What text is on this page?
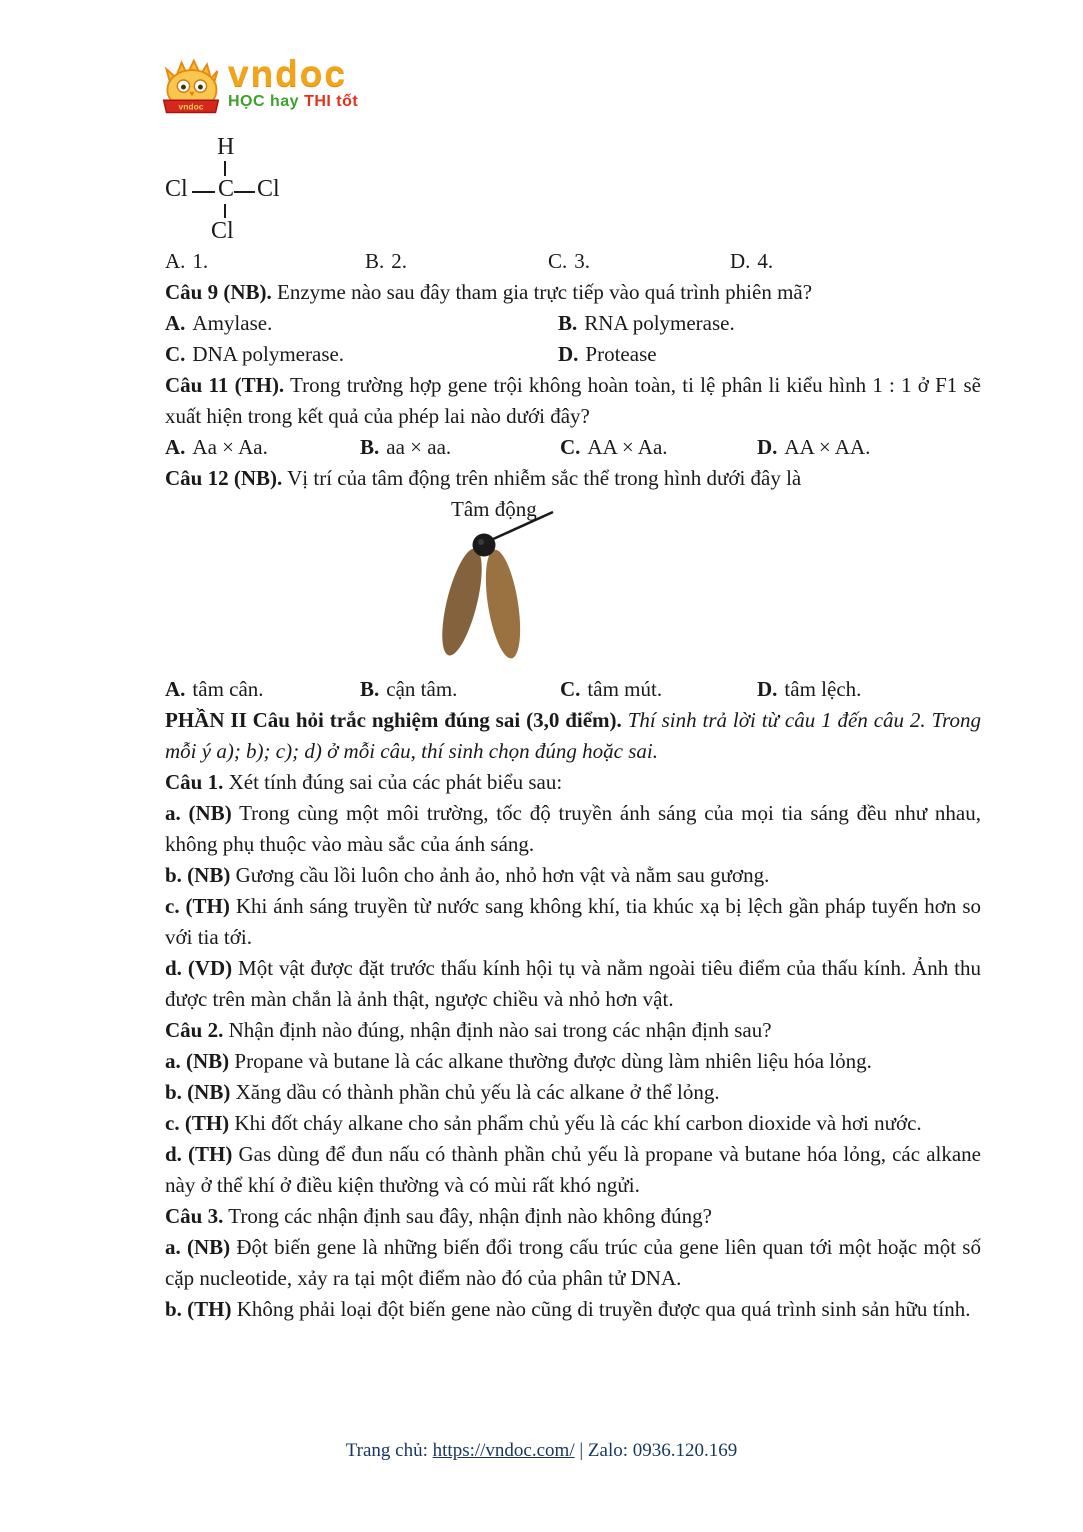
vndoc
vndoc
HỌC hay THI tốt
H
Cl C Cl
Cl
A. 1.	B. 2.	C. 3.	D. 4.
Câu 9 (NB). Enzyme nào sau đây tham gia trực tiếp vào quá trình phiên mã?
A. Amylase.	B. RNA polymerase.
C. DNA polymerase.	D. Protease
Câu 11 (TH). Trong trường hợp gene trội không hoàn toàn, ti lệ phân li kiểu hình 1 : 1 ở F1 sẽ xuất hiện trong kết quả của phép lai nào dưới đây?
A. Aa × Aa.	B. aa × aa.	C. AA × Aa.	D. AA × AA.
Câu 12 (NB). Vị trí của tâm động trên nhiễm sắc thể trong hình dưới đây là
Tâm động
A. tâm cân.	B. cận tâm.	C. tâm mút.	D. tâm lệch.
PHẦN II Câu hỏi trắc nghiệm đúng sai (3,0 điểm). Thí sinh trả lời từ câu 1 đến câu 2. Trong mỗi ý a); b); c); d) ở mỗi câu, thí sinh chọn đúng hoặc sai.
Câu 1. Xét tính đúng sai của các phát biểu sau:
a. (NB) Trong cùng một môi trường, tốc độ truyền ánh sáng của mọi tia sáng đều như nhau, không phụ thuộc vào màu sắc của ánh sáng.
b. (NB) Gương cầu lồi luôn cho ảnh ảo, nhỏ hơn vật và nằm sau gương.
c. (TH) Khi ánh sáng truyền từ nước sang không khí, tia khúc xạ bị lệch gần pháp tuyến hơn so với tia tới.
d. (VD) Một vật được đặt trước thấu kính hội tụ và nằm ngoài tiêu điểm của thấu kính. Ảnh thu được trên màn chắn là ảnh thật, ngược chiều và nhỏ hơn vật.
Câu 2. Nhận định nào đúng, nhận định nào sai trong các nhận định sau?
a. (NB) Propane và butane là các alkane thường được dùng làm nhiên liệu hóa lỏng.
b. (NB) Xăng dầu có thành phần chủ yếu là các alkane ở thể lỏng.
c. (TH) Khi đốt cháy alkane cho sản phẩm chủ yếu là các khí carbon dioxide và hơi nước.
d. (TH) Gas dùng để đun nấu có thành phần chủ yếu là propane và butane hóa lỏng, các alkane này ở thể khí ở điều kiện thường và có mùi rất khó ngửi.
Câu 3. Trong các nhận định sau đây, nhận định nào không đúng?
a. (NB) Đột biến gene là những biến đổi trong cấu trúc của gene liên quan tới một hoặc một số cặp nucleotide, xảy ra tại một điểm nào đó của phân tử DNA.
b. (TH) Không phải loại đột biến gene nào cũng di truyền được qua quá trình sinh sản hữu tính.
Trang chủ: https://vndoc.com/ | Zalo: 0936.120.169
